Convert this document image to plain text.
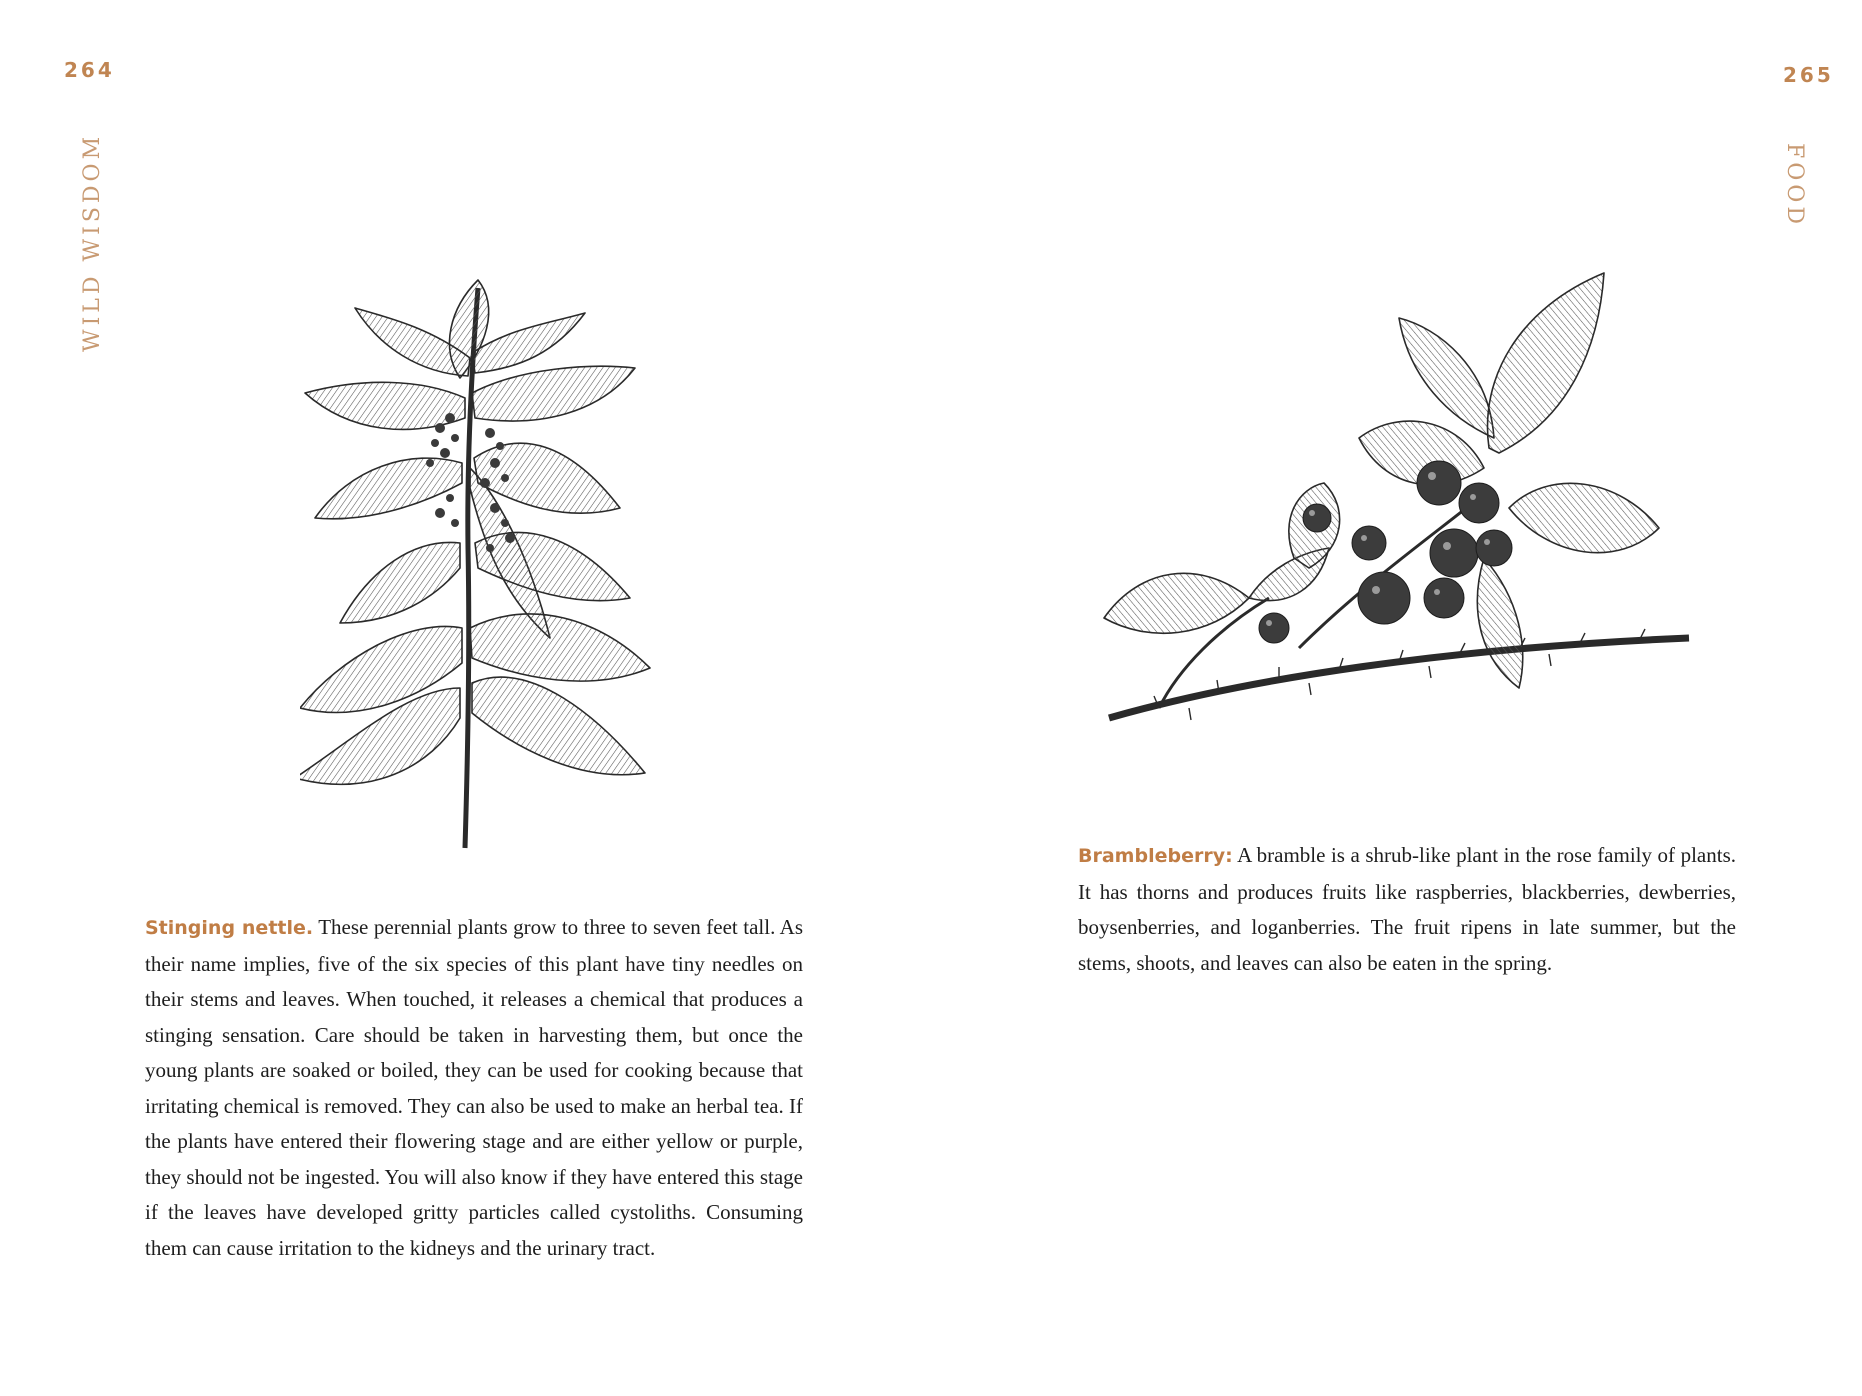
264
WILD WISDOM

Stinging nettle. These perennial plants grow to three to seven feet tall. As their name implies, five of the six species of this plant have tiny needles on their stems and leaves. When touched, it releases a chemical that produces a stinging sensation. Care should be taken in harvesting them, but once the young plants are soaked or boiled, they can be used for cooking because that irritating chemical is removed. They can also be used to make an herbal tea. If the plants have entered their flowering stage and are either yellow or purple, they should not be ingested. You will also know if they have entered this stage if the leaves have developed gritty particles called cystoliths. Consuming them can cause irritation to the kidneys and the urinary tract.

265
FOOD

Brambleberry: A bramble is a shrub-like plant in the rose family of plants. It has thorns and produces fruits like raspberries, blackberries, dewberries, boysenberries, and loganberries. The fruit ripens in late summer, but the stems, shoots, and leaves can also be eaten in the spring.
